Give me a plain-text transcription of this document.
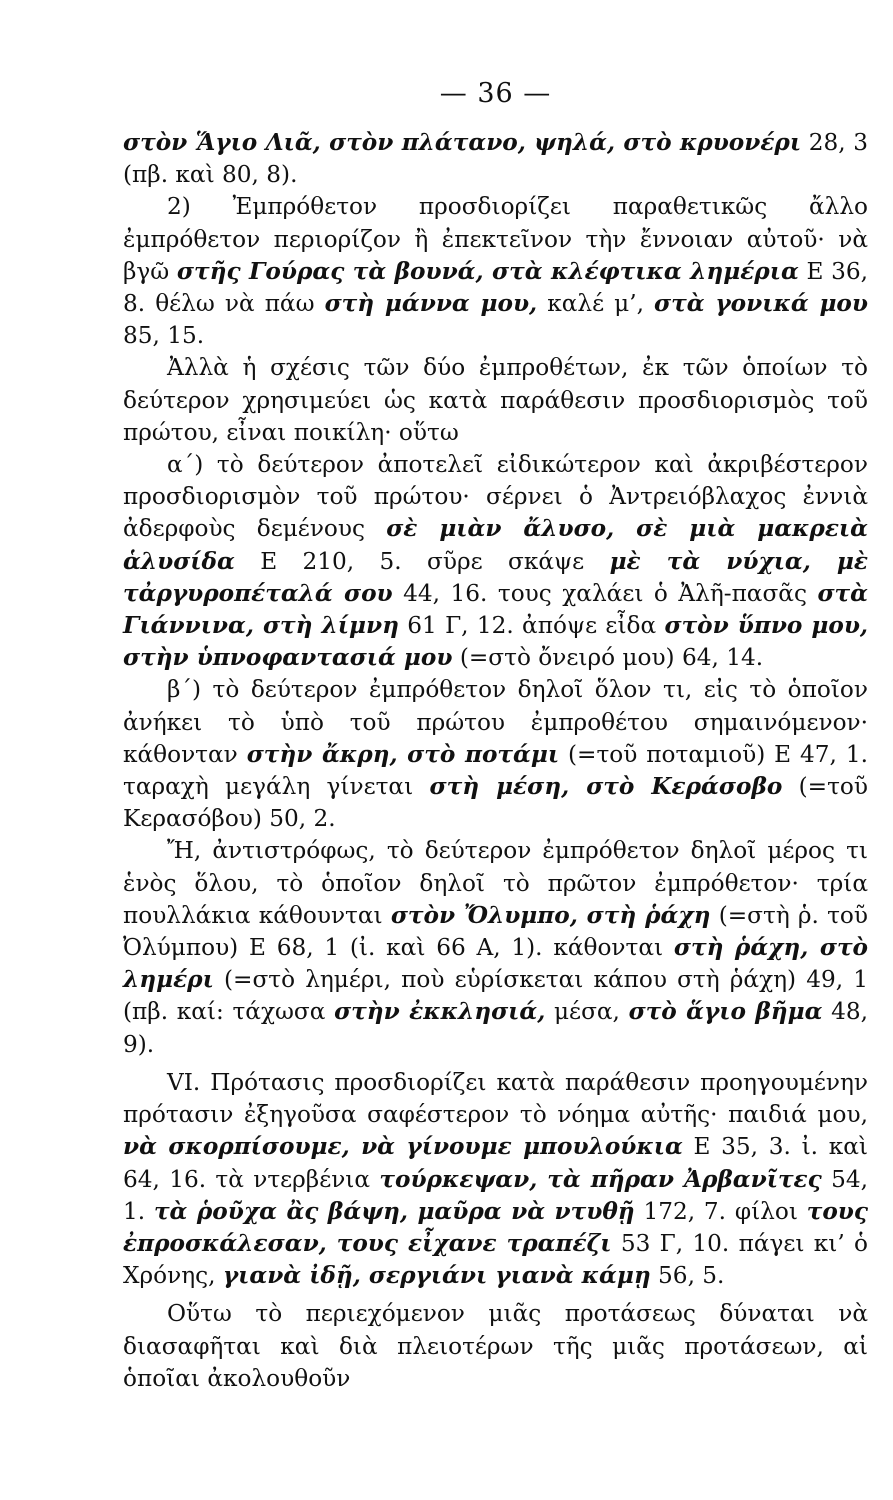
— 36 —

στὸν Ἅγιο Λιᾶ, στὸν πλάτανο, ψηλά, στὸ κρυονέρι 28, 3 (πβ. καὶ 80, 8).

2) Ἐμπρόθετον προσδιορίζει παραθετικῶς ἄλλο ἐμπρόθετον περιορίζον ἢ ἐπεκτεῖνον τὴν ἔννοιαν αὐτοῦ· νὰ βγῶ στῆς Γούρας τὰ βουνά, στὰ κλέφτικα λημέρια Ε 36, 8. θέλω νὰ πάω στὴ μάννα μου, καλέ μ’, στὰ γονικά μου 85, 15.

Ἀλλὰ ἡ σχέσις τῶν δύο ἐμπροθέτων, ἐκ τῶν ὁποίων τὸ δεύτερον χρησιμεύει ὡς κατὰ παράθεσιν προσδιορισμὸς τοῦ πρώτου, εἶναι ποικίλη· οὕτω

α΄) τὸ δεύτερον ἀποτελεῖ εἰδικώτερον καὶ ἀκριβέστερον προσδιορισμὸν τοῦ πρώτου· σέρνει ὁ Ἀντρειόβλαχος ἐννιὰ ἀδερφοὺς δεμένους σὲ μιὰν ἄλυσο, σὲ μιὰ μακρειὰ ἁλυσίδα Ε 210, 5. σῦρε σκάψε μὲ τὰ νύχια, μὲ τἀργυροπέταλά σου 44, 16. τους χαλάει ὁ Ἀλῆ-πασᾶς στὰ Γιάννινα, στὴ λίμνη 61 Γ, 12. ἀπόψε εἶδα στὸν ὕπνο μου, στὴν ὑπνοφαντασιά μου (=στὸ ὄνειρό μου) 64, 14.

β΄) τὸ δεύτερον ἐμπρόθετον δηλοῖ ὅλον τι, εἰς τὸ ὁποῖον ἀνήκει τὸ ὑπὸ τοῦ πρώτου ἐμπροθέτου σημαινόμενον· κάθονταν στὴν ἄκρη, στὸ ποτάμι (=τοῦ ποταμιοῦ) Ε 47, 1. ταραχὴ μεγάλη γίνεται στὴ μέση, στὸ Κεράσοβο (=τοῦ Κερασόβου) 50, 2.

Ἤ, ἀντιστρόφως, τὸ δεύτερον ἐμπρόθετον δηλοῖ μέρος τι ἑνὸς ὅλου, τὸ ὁποῖον δηλοῖ τὸ πρῶτον ἐμπρόθετον· τρία πουλλάκια κάθουνται στὸν Ὄλυμπο, στὴ ῥάχη (=στὴ ῥ. τοῦ Ὀλύμπου) Ε 68, 1 (ἰ. καὶ 66 Α, 1). κάθονται στὴ ῥάχη, στὸ λημέρι (=στὸ λημέρι, ποὺ εὑρίσκεται κάπου στὴ ῥάχη) 49, 1 (πβ. καί: τάχωσα στὴν ἐκκλησιά, μέσα, στὸ ἅγιο βῆμα 48, 9).

VI. Πρότασις προσδιορίζει κατὰ παράθεσιν προηγουμένην πρότασιν ἐξηγοῦσα σαφέστερον τὸ νόημα αὐτῆς· παιδιά μου, νὰ σκορπίσουμε, νὰ γίνουμε μπουλούκια Ε 35, 3. ἰ. καὶ 64, 16. τὰ ντερβένια τούρκεψαν, τὰ πῆραν Ἀρβανῖτες 54, 1. τὰ ῥοῦχα ἂς βάψη, μαῦρα νὰ ντυθῇ 172, 7. φίλοι τους ἐπροσκάλεσαν, τους εἶχανε τραπέζι 53 Γ, 10. πάγει κι’ ὁ Χρόνης, γιανὰ ἰδῇ, σεργιάνι γιανὰ κάμῃ 56, 5.

Οὕτω τὸ περιεχόμενον μιᾶς προτάσεως δύναται νὰ διασαφῆται καὶ διὰ πλειοτέρων τῆς μιᾶς προτάσεων, αἱ ὁποῖαι ἀκολουθοῦν
